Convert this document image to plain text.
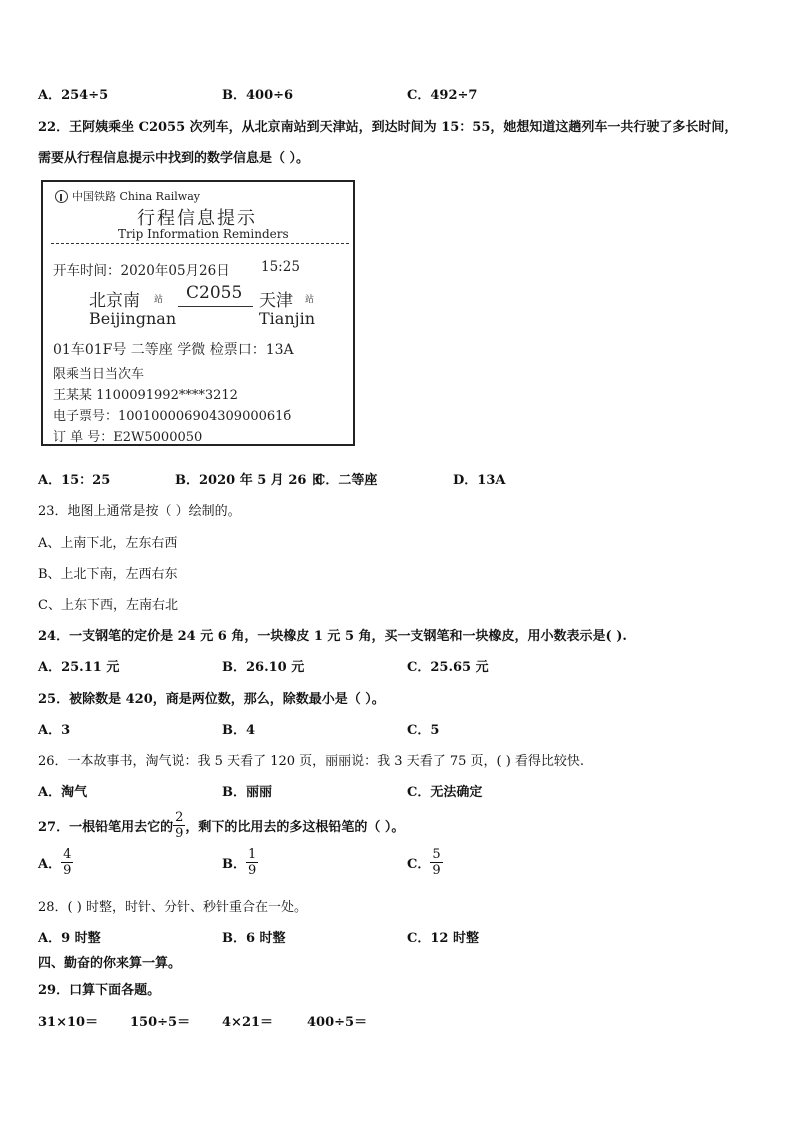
A．254÷5	B．400÷6	C．492÷7
22．王阿姨乘坐 C2055 次列车，从北京南站到天津站，到达时间为 15：55，她想知道这趟列车一共行驶了多长时间，
需要从行程信息提示中找到的数学信息是（ ）。
中国铁路 China Railway
行程信息提示
Trip Information Reminders
开车时间：2020年05月26日 15:25
北京南 站 C2055 天津 站
Beijingnan	Tianjin
01车01F号 二等座 学微 检票口：13A
限乘当日当次车
王某某 1100091992****3212
电子票号：10010000690430900061б
订 单 号：E2W5000050
A．15：25	B．2020 年 5 月 26 日
C．二等座	D．13A
23．地图上通常是按（ ）绘制的。
A、上南下北，左东右西
B、上北下南，左西右东
C、上东下西，左南右北
24．一支钢笔的定价是 24 元 6 角，一块橡皮 1 元 5 角，买一支钢笔和一块橡皮，用小数表示是( ).
A．25.11 元	B．26.10 元	C．25.65 元
25．被除数是 420，商是两位数，那么，除数最小是（ ）。
A．3	B．4	C．5
26．一本故事书，淘气说：我 5 天看了 120 页，丽丽说：我 3 天看了 75 页，( ) 看得比较快.
A．淘气	B．丽丽	C．无法确定
27．一根铅笔用去它的 $\frac{2}{9}$ ，剩下的比用去的多这根铅笔的（ ）。
A． $\frac{4}{9}$	B． $\frac{1}{9}$	C． $\frac{5}{9}$
28．( ) 时整，时针、分针、秒针重合在一处。
A．9 时整	B．6 时整	C．12 时整
四、勤奋的你来算一算。
29．口算下面各题。
31×10＝ 150÷5＝ 4×21＝	400÷5＝
